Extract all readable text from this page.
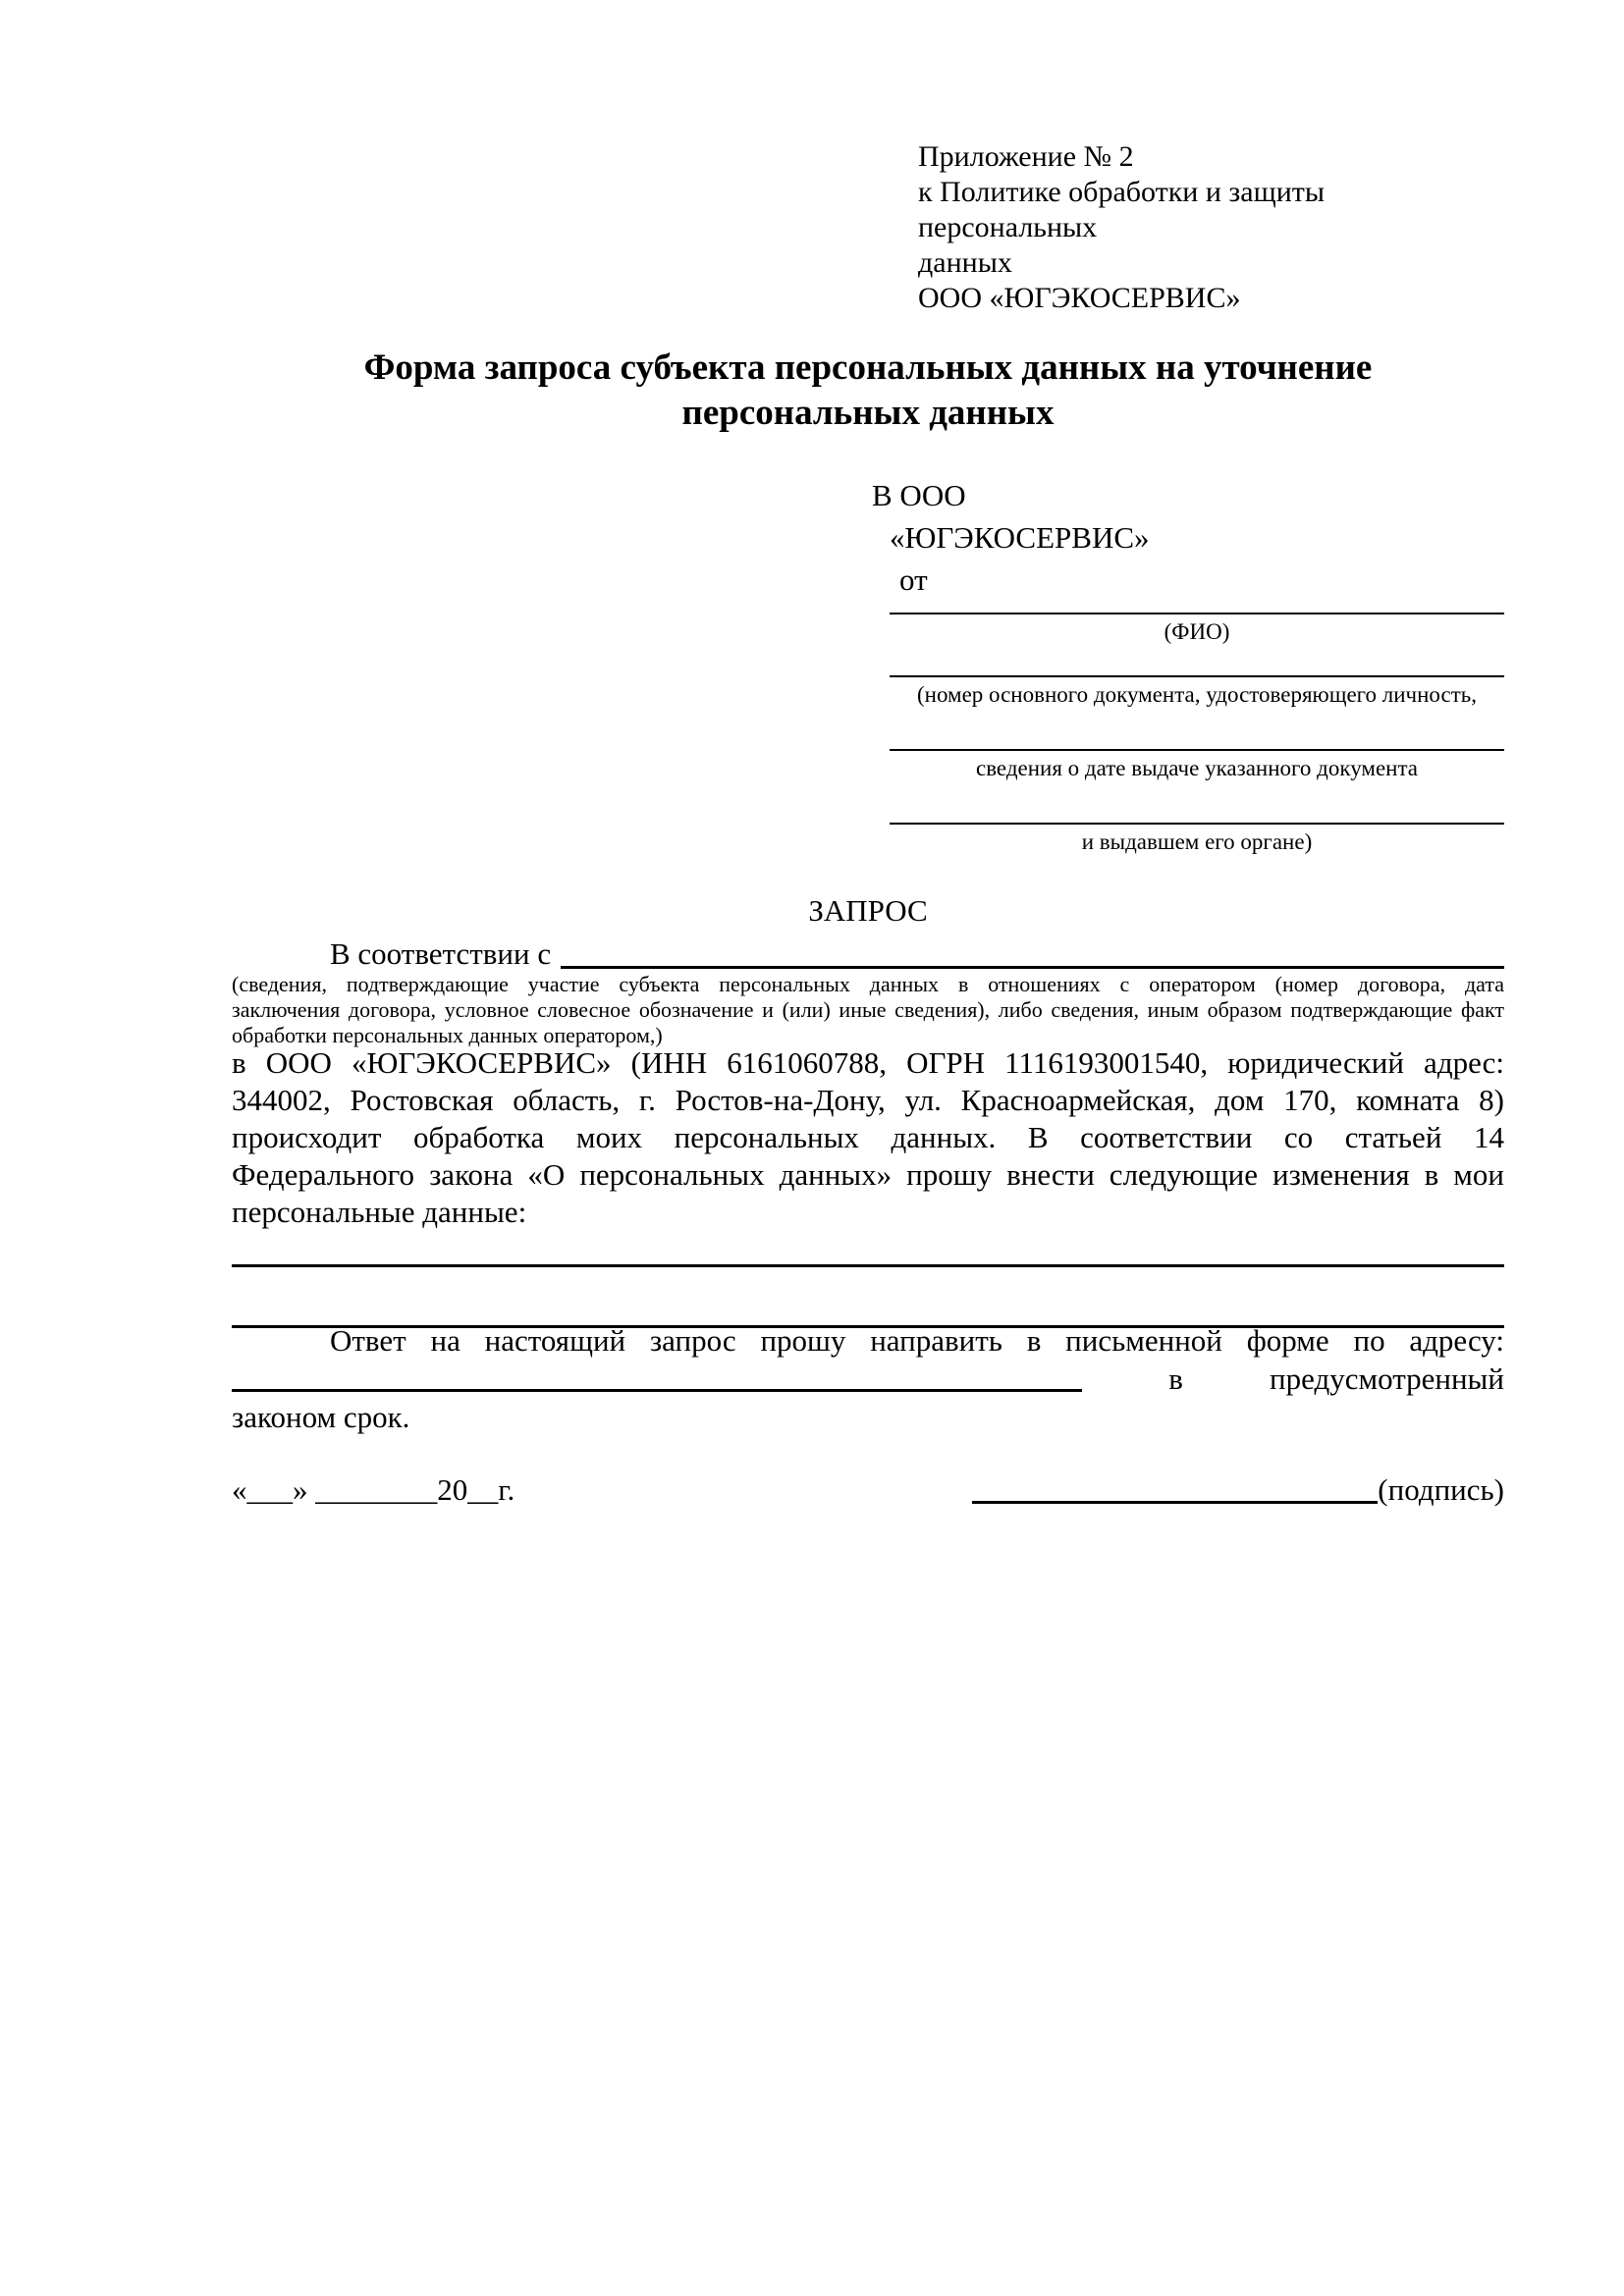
Приложение № 2
к Политике обработки и защиты персональных
данных
ООО «ЮГЭКОСЕРВИС»
Форма запроса субъекта персональных данных на уточнение
персональных данных
В ООО
«ЮГЭКОСЕРВИС»
от
(ФИО)
(номер основного документа, удостоверяющего личность,
сведения о дате выдаче указанного документа
и выдавшем его органе)
ЗАПРОС
В соответствии с
(сведения, подтверждающие участие субъекта персональных данных в отношениях с оператором (номер договора, дата
заключения договора, условное словесное обозначение и (или) иные сведения), либо сведения, иным образом подтверждающие факт
обработки персональных данных оператором,)
в ООО «ЮГЭКОСЕРВИС» (ИНН 6161060788, ОГРН 1116193001540, юридический адрес:
344002, Ростовская область, г. Ростов-на-Дону, ул. Красноармейская, дом 170, комната 8)
происходит обработка моих персональных данных. В соответствии со статьей 14
Федерального закона «О персональных данных» прошу внести следующие изменения в мои
персональные данные:
Ответ на настоящий запрос прошу направить в письменной форме по адресу:
в	предусмотренный
законом срок.
«___» ________20__г.	(подпись)
